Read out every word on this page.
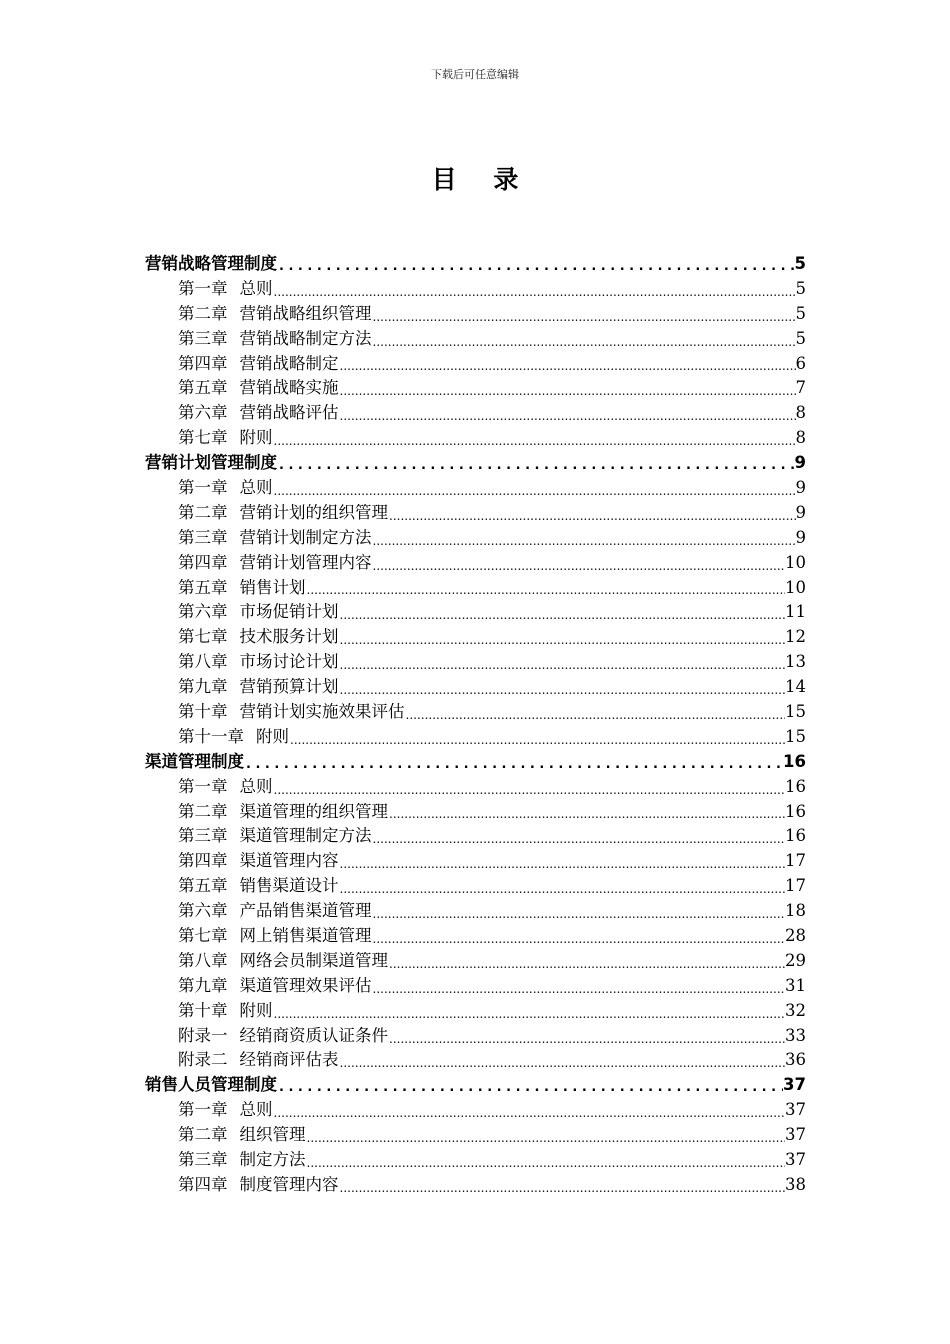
下载后可任意编辑
目 录
营销战略管理制度 . . .	5
第一章 总则 .....	5
第二章 营销战略组织管理 .....	5
第三章 营销战略制定方法 .....	5
第四章 营销战略制定 .....	6
第五章 营销战略实施 .....	7
第六章 营销战略评估 .....	8
第七章 附则 .....	8
营销计划管理制度 . . .	9
第一章 总则 .....	9
第二章 营销计划的组织管理 .....	9
第三章 营销计划制定方法 .....	9
第四章 营销计划管理内容 .....	10
第五章 销售计划 .....	10
第六章 市场促销计划 .....	11
第七章 技术服务计划 .....	12
第八章 市场讨论计划 .....	13
第九章 营销预算计划 .....	14
第十章 营销计划实施效果评估 .....	15
第十一章 附则 .....	15
渠道管理制度 . . .	16
第一章 总则 .....	16
第二章 渠道管理的组织管理 .....	16
第三章 渠道管理制定方法 .....	16
第四章 渠道管理内容 .....	17
第五章 销售渠道设计 .....	17
第六章 产品销售渠道管理 .....	18
第七章 网上销售渠道管理 .....	28
第八章 网络会员制渠道管理 .....	29
第九章 渠道管理效果评估 .....	31
第十章 附则 .....	32
附录一 经销商资质认证条件 .....	33
附录二 经销商评估表 .....	36
销售人员管理制度 . . .	37
第一章 总则 .....	37
第二章 组织管理 .....	37
第三章 制定方法 .....	37
第四章 制度管理内容 .....	38
